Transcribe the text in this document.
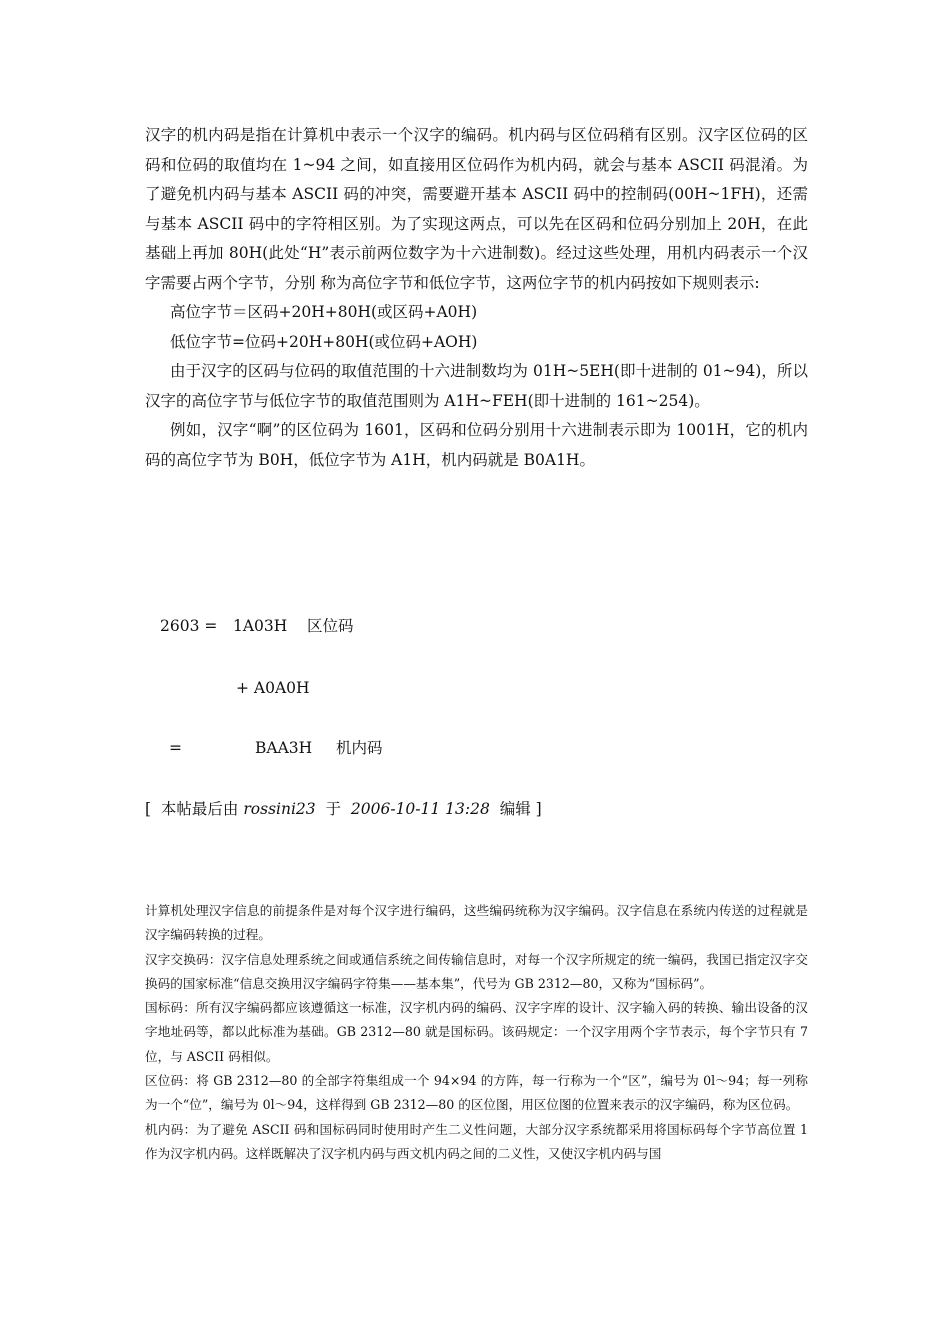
汉字的机内码是指在计算机中表示一个汉字的编码。机内码与区位码稍有区别。汉字区位码的区码和位码的取值均在 1~94 之间，如直接用区位码作为机内码，就会与基本 ASCII 码混淆。为了避免机内码与基本 ASCII 码的冲突，需要避开基本 ASCII 码中的控制码(00H~1FH)，还需与基本 ASCII 码中的字符相区别。为了实现这两点，可以先在区码和位码分别加上 20H，在此基础上再加 80H(此处“H”表示前两位数字为十六进制数)。经过这些处理，用机内码表示一个汉字需要占两个字节，分别 称为高位字节和低位字节，这两位字节的机内码按如下规则表示:

高位字节＝区码+20H+80H(或区码+A0H)

低位字节=位码+20H+80H(或位码+AOH)

由于汉字的区码与位码的取值范围的十六进制数均为 01H~5EH(即十进制的 01~94)，所以汉字的高位字节与低位字节的取值范围则为 A1H~FEH(即十进制的 161~254)。

例如，汉字“啊”的区位码为 1601，区码和位码分别用十六进制表示即为 1001H，它的机内码的高位字节为 B0H，低位字节为 A1H，机内码就是 B0A1H。

2603 = 1A03H 区位码
+ A0A0H
=	BAA3H 机内码
[ 本帖最后由 rossini23 于 2006-10-11 13:28 编辑 ]

计算机处理汉字信息的前提条件是对每个汉字进行编码，这些编码统称为汉字编码。汉字信息在系统内传送的过程就是汉字编码转换的过程。

汉字交换码：汉字信息处理系统之间或通信系统之间传输信息时，对每一个汉字所规定的统一编码，我国已指定汉字交换码的国家标准“信息交换用汉字编码字符集——基本集”，代号为 GB 2312—80，又称为“国标码”。

国标码：所有汉字编码都应该遵循这一标准，汉字机内码的编码、汉字字库的设计、汉字输入码的转换、输出设备的汉字地址码等，都以此标准为基础。GB 2312—80 就是国标码。该码规定：一个汉字用两个字节表示，每个字节只有 7 位，与 ASCII 码相似。

区位码：将 GB 2312—80 的全部字符集组成一个 94×94 的方阵，每一行称为一个“区”，编号为 0l～94；每一列称为一个“位”，编号为 0l～94，这样得到 GB 2312—80 的区位图，用区位图的位置来表示的汉字编码，称为区位码。

机内码：为了避免 ASCII 码和国标码同时使用时产生二义性问题，大部分汉字系统都采用将国标码每个字节高位置 1 作为汉字机内码。这样既解决了汉字机内码与西文机内码之间的二义性，又使汉字机内码与国
